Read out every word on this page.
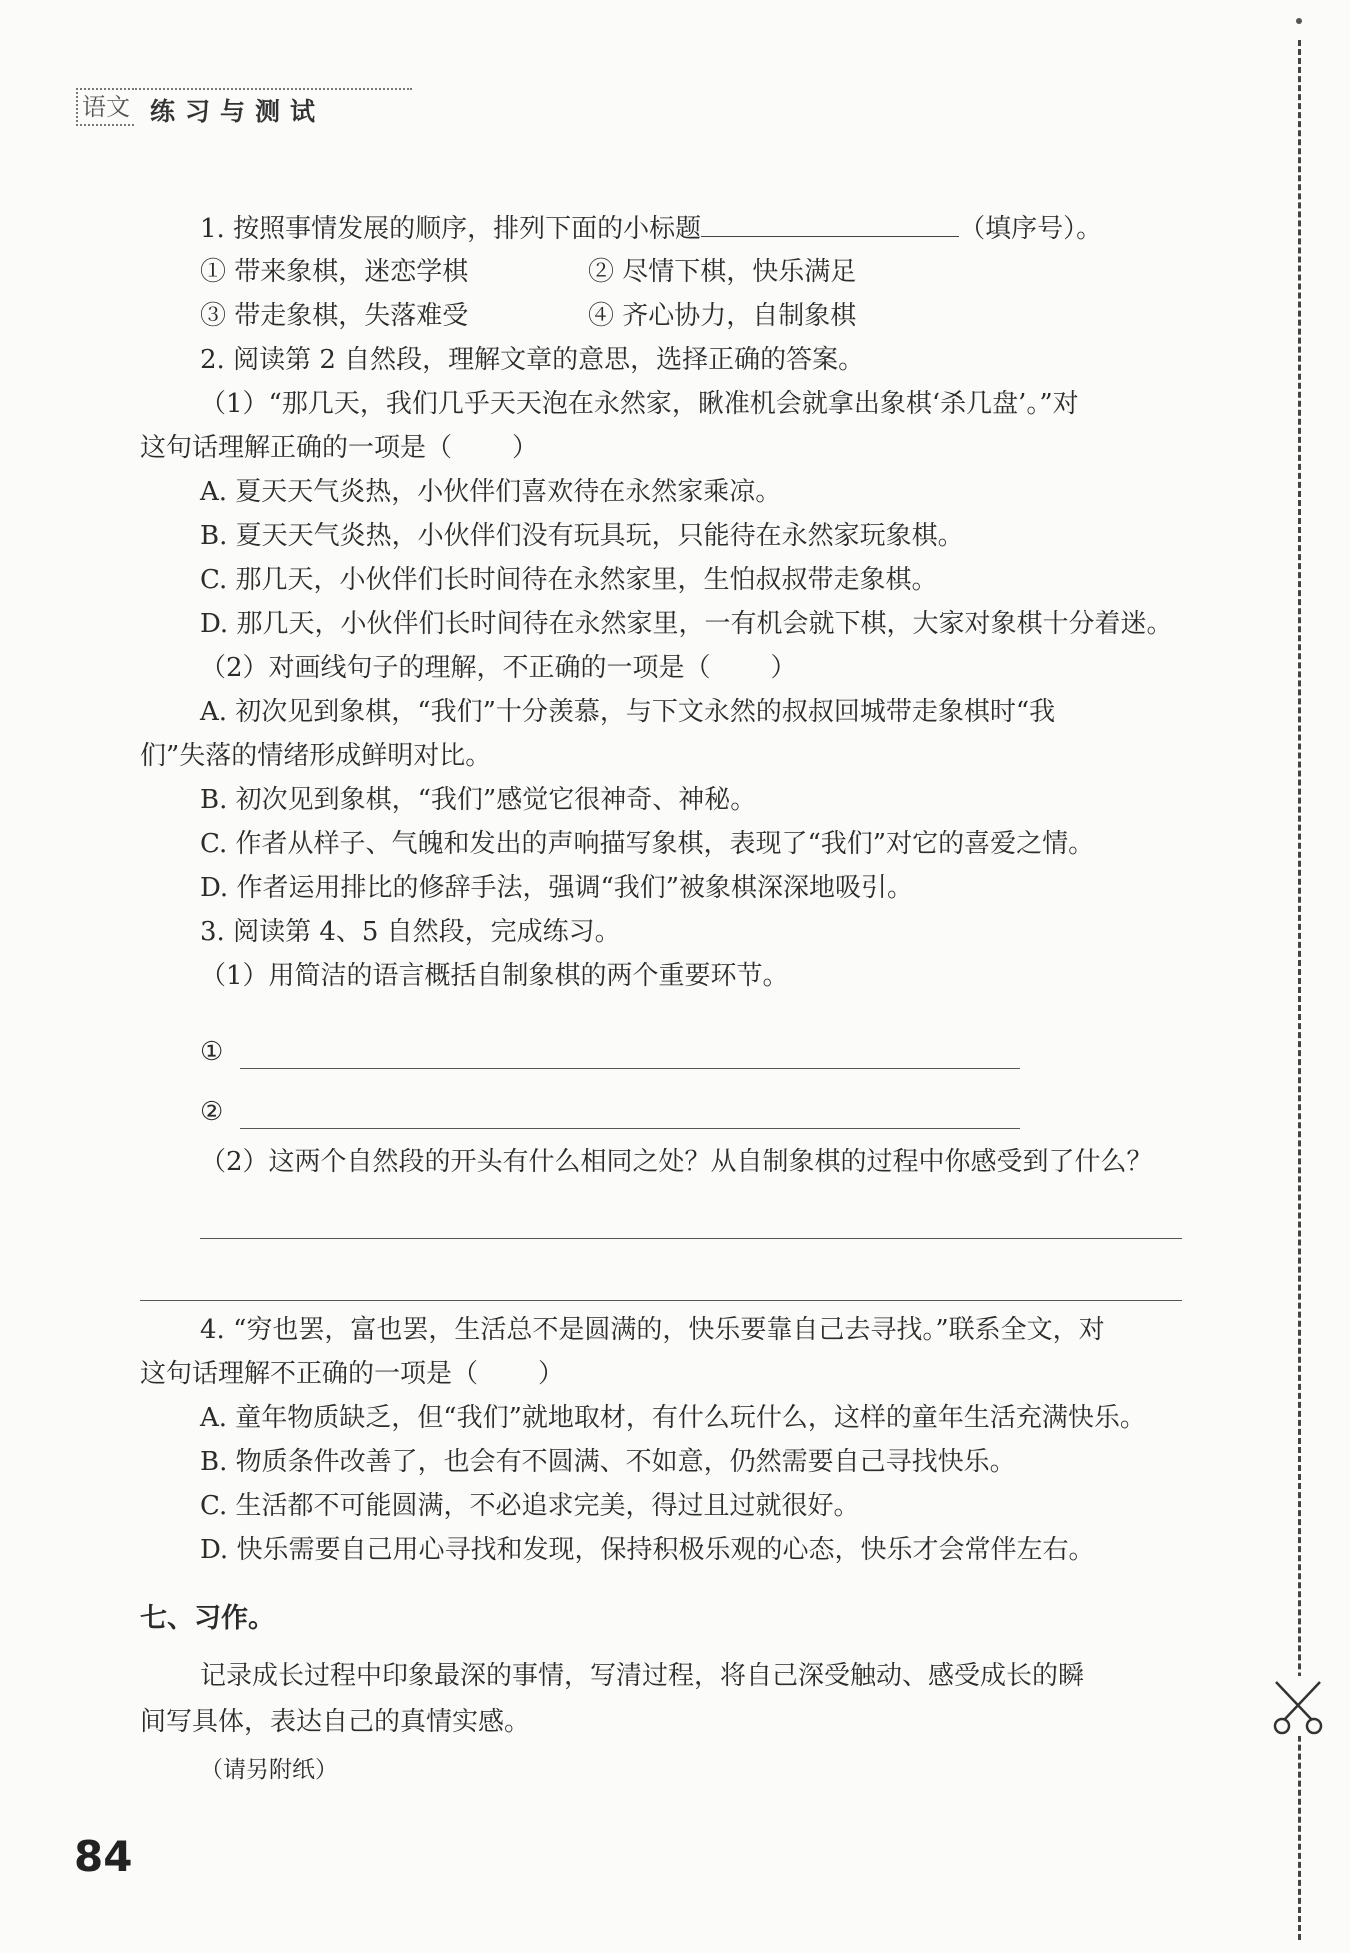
语文 练习与测试
1. 按照事情发展的顺序，排列下面的小标题	（填序号）。
① 带来象棋，迷恋学棋	② 尽情下棋，快乐满足
③ 带走象棋，失落难受	④ 齐心协力，自制象棋
2. 阅读第 2 自然段，理解文章的意思，选择正确的答案。
（1）“那几天，我们几乎天天泡在永然家，瞅准机会就拿出象棋‘杀几盘’。”对
这句话理解正确的一项是（ ）
A. 夏天天气炎热，小伙伴们喜欢待在永然家乘凉。
B. 夏天天气炎热，小伙伴们没有玩具玩，只能待在永然家玩象棋。
C. 那几天，小伙伴们长时间待在永然家里，生怕叔叔带走象棋。
D. 那几天，小伙伴们长时间待在永然家里，一有机会就下棋，大家对象棋十分着迷。
（2）对画线句子的理解，不正确的一项是（ ）
A. 初次见到象棋，“我们”十分羡慕，与下文永然的叔叔回城带走象棋时“我
们”失落的情绪形成鲜明对比。
B. 初次见到象棋，“我们”感觉它很神奇、神秘。
C. 作者从样子、气魄和发出的声响描写象棋，表现了“我们”对它的喜爱之情。
D. 作者运用排比的修辞手法，强调“我们”被象棋深深地吸引。
3. 阅读第 4、5 自然段，完成练习。
（1）用简洁的语言概括自制象棋的两个重要环节。
①
②
（2）这两个自然段的开头有什么相同之处？从自制象棋的过程中你感受到了什么？
4. “穷也罢，富也罢，生活总不是圆满的，快乐要靠自己去寻找。”联系全文，对
这句话理解不正确的一项是（ ）
A. 童年物质缺乏，但“我们”就地取材，有什么玩什么，这样的童年生活充满快乐。
B. 物质条件改善了，也会有不圆满、不如意，仍然需要自己寻找快乐。
C. 生活都不可能圆满，不必追求完美，得过且过就很好。
D. 快乐需要自己用心寻找和发现，保持积极乐观的心态，快乐才会常伴左右。
七、习作。
记录成长过程中印象最深的事情，写清过程，将自己深受触动、感受成长的瞬
间写具体，表达自己的真情实感。
（请另附纸）
84
